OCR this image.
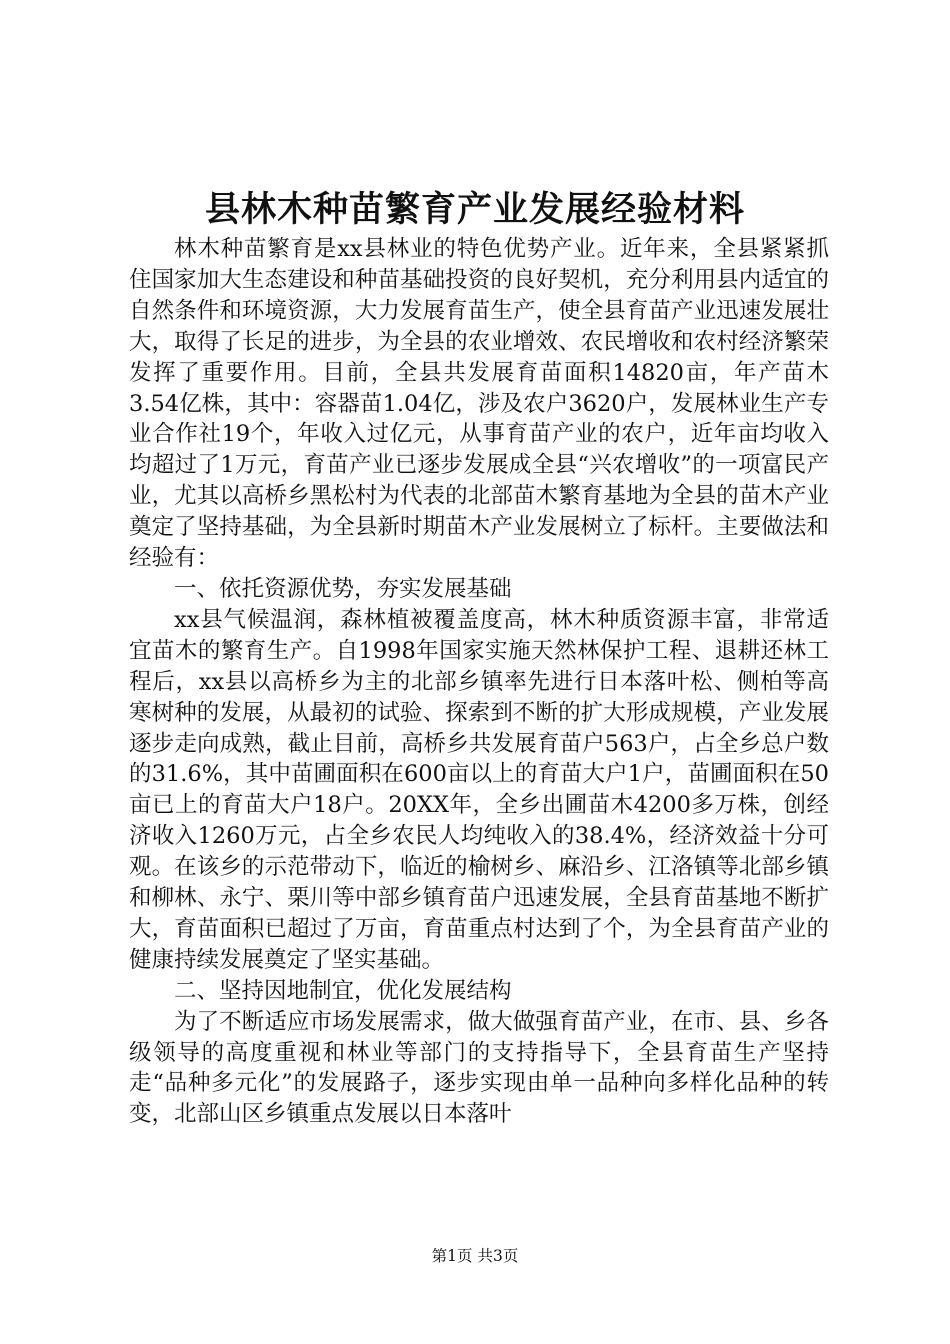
县林木种苗繁育产业发展经验材料

林木种苗繁育是xx县林业的特色优势产业。近年来，全县紧紧抓住国家加大生态建设和种苗基础投资的良好契机，充分利用县内适宜的自然条件和环境资源，大力发展育苗生产，使全县育苗产业迅速发展壮大，取得了长足的进步，为全县的农业增效、农民增收和农村经济繁荣发挥了重要作用。目前，全县共发展育苗面积14820亩，年产苗木3.54亿株，其中：容器苗1.04亿，涉及农户3620户，发展林业生产专业合作社19个，年收入过亿元，从事育苗产业的农户，近年亩均收入均超过了1万元，育苗产业已逐步发展成全县“兴农增收”的一项富民产业，尤其以高桥乡黑松村为代表的北部苗木繁育基地为全县的苗木产业奠定了坚持基础，为全县新时期苗木产业发展树立了标杆。主要做法和经验有：

一、依托资源优势，夯实发展基础

xx县气候温润，森林植被覆盖度高，林木种质资源丰富，非常适宜苗木的繁育生产。自1998年国家实施天然林保护工程、退耕还林工程后，xx县以高桥乡为主的北部乡镇率先进行日本落叶松、侧柏等高寒树种的发展，从最初的试验、探索到不断的扩大形成规模，产业发展逐步走向成熟，截止目前，高桥乡共发展育苗户563户，占全乡总户数的31.6%，其中苗圃面积在600亩以上的育苗大户1户，苗圃面积在50亩已上的育苗大户18户。20XX年，全乡出圃苗木4200多万株，创经济收入1260万元，占全乡农民人均纯收入的38.4%，经济效益十分可观。在该乡的示范带动下，临近的榆树乡、麻沿乡、江洛镇等北部乡镇和柳林、永宁、栗川等中部乡镇育苗户迅速发展，全县育苗基地不断扩大，育苗面积已超过了万亩，育苗重点村达到了个，为全县育苗产业的健康持续发展奠定了坚实基础。

二、坚持因地制宜，优化发展结构

为了不断适应市场发展需求，做大做强育苗产业，在市、县、乡各级领导的高度重视和林业等部门的支持指导下，全县育苗生产坚持走“品种多元化”的发展路子，逐步实现由单一品种向多样化品种的转变，北部山区乡镇重点发展以日本落叶

第1页 共3页
